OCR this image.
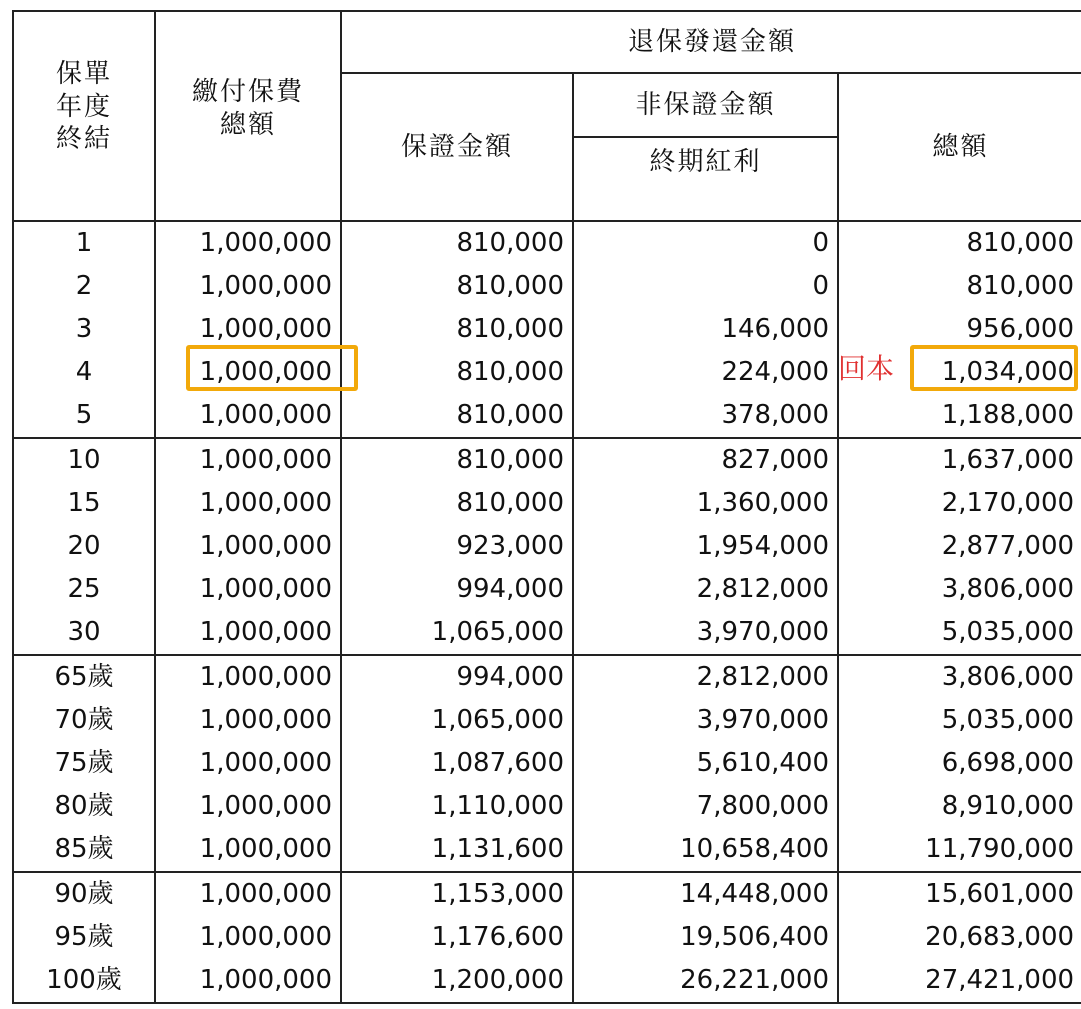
保單
年度
終結	繳付保費
總額	退保發還金額		
		保證金額	非保證金額	總額
			終期紅利	
1	1,000,000	810,000	0	810,000
2	1,000,000	810,000	0	810,000
3	1,000,000	810,000	146,000	956,000
4	1,000,000	810,000	224,000	1,034,000
5	1,000,000	810,000	378,000	1,188,000
10	1,000,000	810,000	827,000	1,637,000
15	1,000,000	810,000	1,360,000	2,170,000
20	1,000,000	923,000	1,954,000	2,877,000
25	1,000,000	994,000	2,812,000	3,806,000
30	1,000,000	1,065,000	3,970,000	5,035,000
65歲	1,000,000	994,000	2,812,000	3,806,000
70歲	1,000,000	1,065,000	3,970,000	5,035,000
75歲	1,000,000	1,087,600	5,610,400	6,698,000
80歲	1,000,000	1,110,000	7,800,000	8,910,000
85歲	1,000,000	1,131,600	10,658,400	11,790,000
90歲	1,000,000	1,153,000	14,448,000	15,601,000
95歲	1,000,000	1,176,600	19,506,400	20,683,000
100歲	1,000,000	1,200,000	26,221,000	27,421,000
回本
